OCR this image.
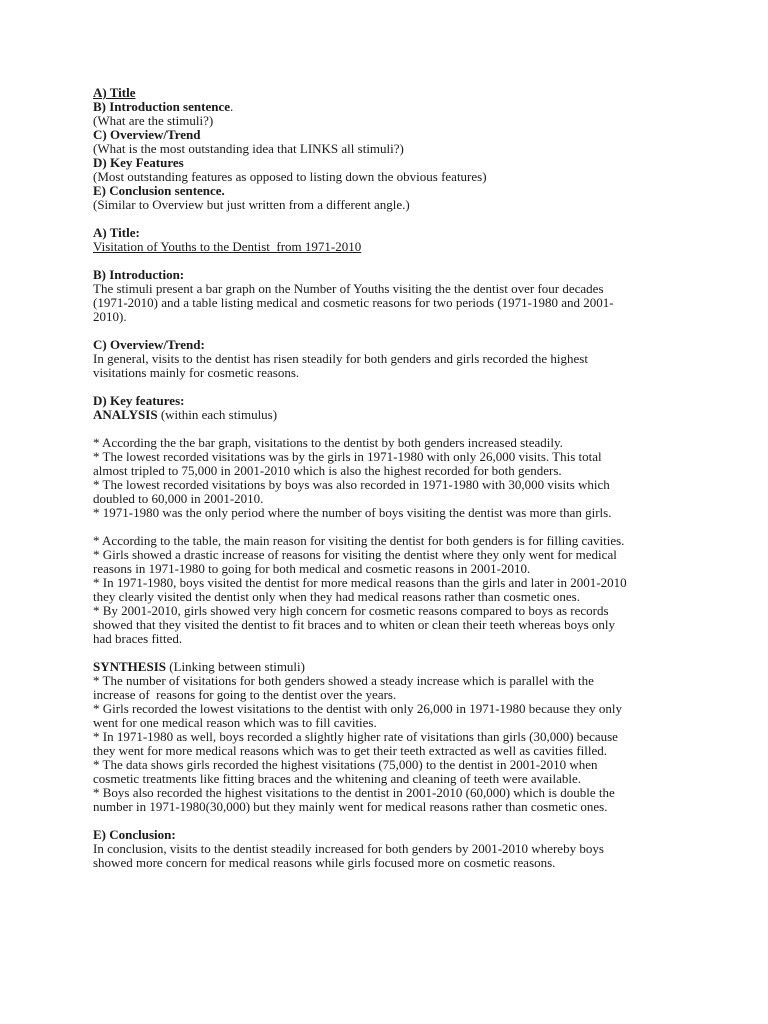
A) Title
B) Introduction sentence.
(What are the stimuli?)
C) Overview/Trend
(What is the most outstanding idea that LINKS all stimuli?)
D) Key Features
(Most outstanding features as opposed to listing down the obvious features)
E) Conclusion sentence.
(Similar to Overview but just written from a different angle.)
A) Title:
Visitation of Youths to the Dentist  from 1971-2010
B) Introduction:
The stimuli present a bar graph on the Number of Youths visiting the the dentist over four decades
(1971-2010) and a table listing medical and cosmetic reasons for two periods (1971-1980 and 2001-
2010).
C) Overview/Trend:
In general, visits to the dentist has risen steadily for both genders and girls recorded the highest
visitations mainly for cosmetic reasons.
D) Key features:
ANALYSIS (within each stimulus)
* According the the bar graph, visitations to the dentist by both genders increased steadily.
* The lowest recorded visitations was by the girls in 1971-1980 with only 26,000 visits. This total
almost tripled to 75,000 in 2001-2010 which is also the highest recorded for both genders.
* The lowest recorded visitations by boys was also recorded in 1971-1980 with 30,000 visits which
doubled to 60,000 in 2001-2010.
* 1971-1980 was the only period where the number of boys visiting the dentist was more than girls.
* According to the table, the main reason for visiting the dentist for both genders is for filling cavities.
* Girls showed a drastic increase of reasons for visiting the dentist where they only went for medical
reasons in 1971-1980 to going for both medical and cosmetic reasons in 2001-2010.
* In 1971-1980, boys visited the dentist for more medical reasons than the girls and later in 2001-2010
they clearly visited the dentist only when they had medical reasons rather than cosmetic ones.
* By 2001-2010, girls showed very high concern for cosmetic reasons compared to boys as records
showed that they visited the dentist to fit braces and to whiten or clean their teeth whereas boys only
had braces fitted.
SYNTHESIS (Linking between stimuli)
* The number of visitations for both genders showed a steady increase which is parallel with the
increase of  reasons for going to the dentist over the years.
* Girls recorded the lowest visitations to the dentist with only 26,000 in 1971-1980 because they only
went for one medical reason which was to fill cavities.
* In 1971-1980 as well, boys recorded a slightly higher rate of visitations than girls (30,000) because
they went for more medical reasons which was to get their teeth extracted as well as cavities filled.
* The data shows girls recorded the highest visitations (75,000) to the dentist in 2001-2010 when
cosmetic treatments like fitting braces and the whitening and cleaning of teeth were available.
* Boys also recorded the highest visitations to the dentist in 2001-2010 (60,000) which is double the
number in 1971-1980(30,000) but they mainly went for medical reasons rather than cosmetic ones.
E) Conclusion:
In conclusion, visits to the dentist steadily increased for both genders by 2001-2010 whereby boys
showed more concern for medical reasons while girls focused more on cosmetic reasons.
